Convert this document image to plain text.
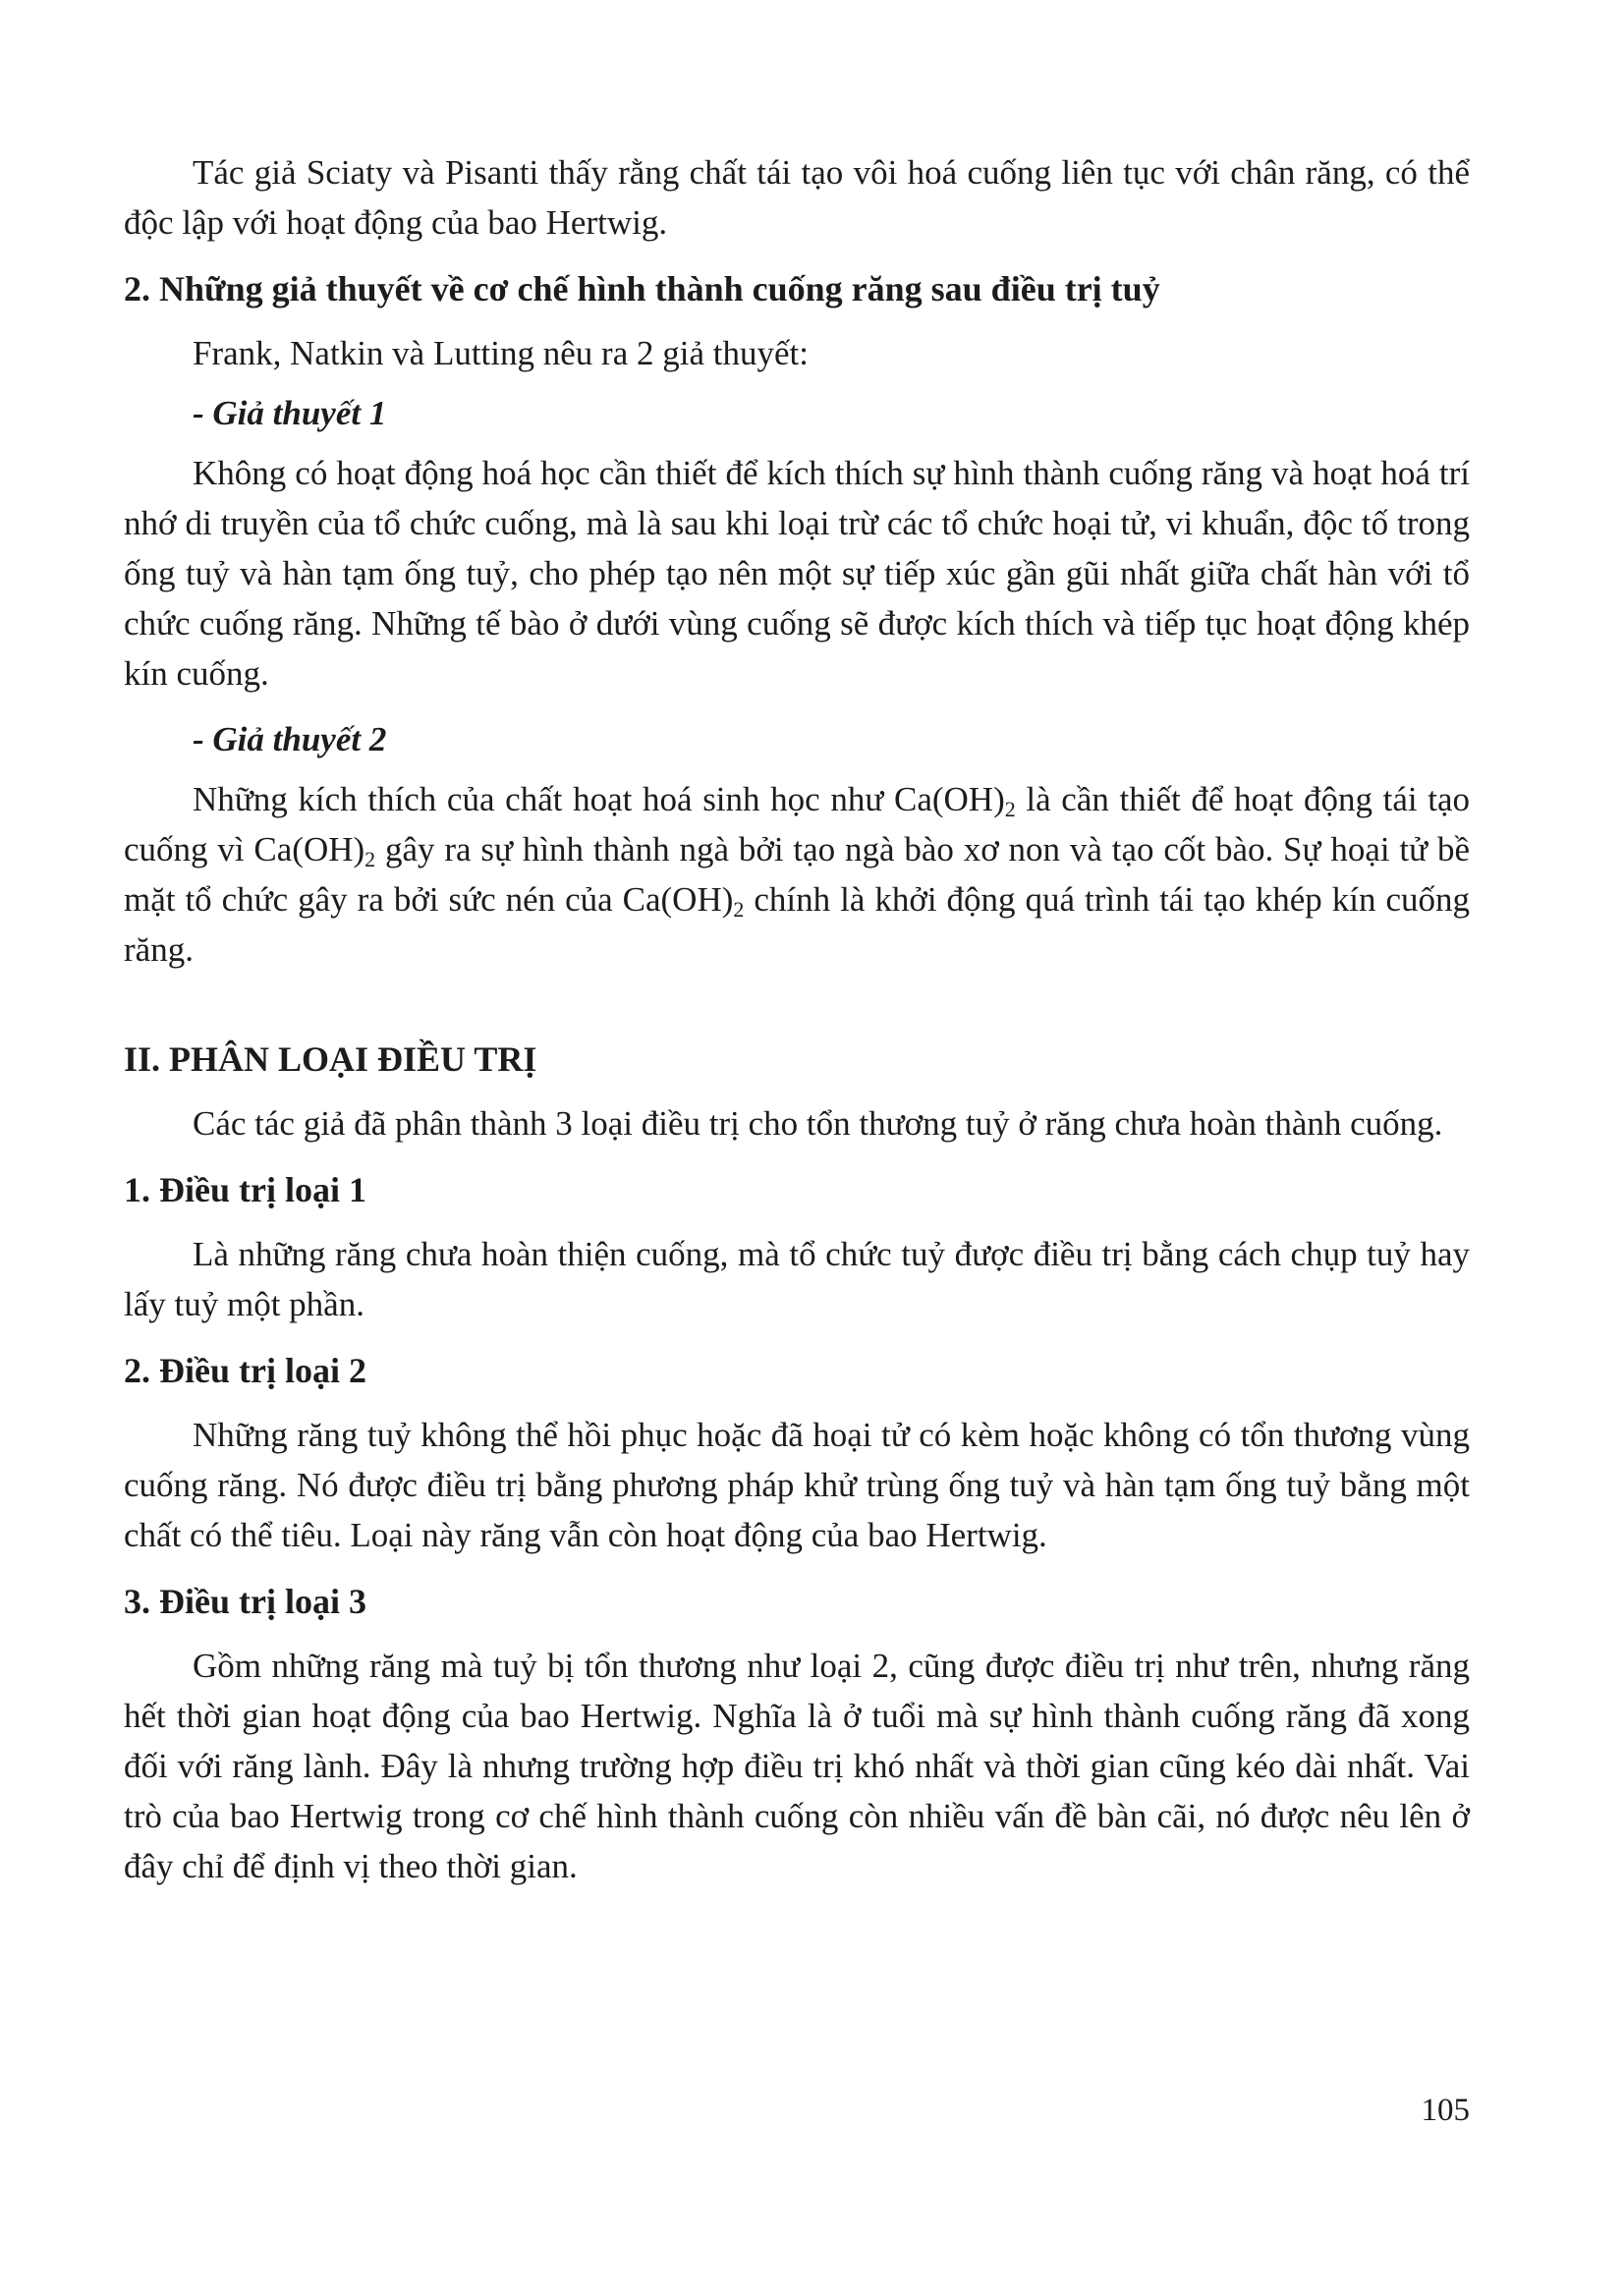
Tác giả Sciaty và Pisanti thấy rằng chất tái tạo vôi hoá cuống liên tục với chân răng, có thể độc lập với hoạt động của bao Hertwig.

2. Những giả thuyết về cơ chế hình thành cuống răng sau điều trị tuỷ

Frank, Natkin và Lutting nêu ra 2 giả thuyết:

- Giả thuyết 1

Không có hoạt động hoá học cần thiết để kích thích sự hình thành cuống răng và hoạt hoá trí nhớ di truyền của tổ chức cuống, mà là sau khi loại trừ các tổ chức hoại tử, vi khuẩn, độc tố trong ống tuỷ và hàn tạm ống tuỷ, cho phép tạo nên một sự tiếp xúc gần gũi nhất giữa chất hàn với tổ chức cuống răng. Những tế bào ở dưới vùng cuống sẽ được kích thích và tiếp tục hoạt động khép kín cuống.

- Giả thuyết 2

Những kích thích của chất hoạt hoá sinh học như $Ca(OH)_2$ là cần thiết để hoạt động tái tạo cuống vì $Ca(OH)_2$ gây ra sự hình thành ngà bởi tạo ngà bào xơ non và tạo cốt bào. Sự hoại tử bề mặt tổ chức gây ra bởi sức nén của $Ca(OH)_2$ chính là khởi động quá trình tái tạo khép kín cuống răng.

II. PHÂN LOẠI ĐIỀU TRỊ

Các tác giả đã phân thành 3 loại điều trị cho tổn thương tuỷ ở răng chưa hoàn thành cuống.

1. Điều trị loại 1

Là những răng chưa hoàn thiện cuống, mà tổ chức tuỷ được điều trị bằng cách chụp tuỷ hay lấy tuỷ một phần.

2. Điều trị loại 2

Những răng tuỷ không thể hồi phục hoặc đã hoại tử có kèm hoặc không có tổn thương vùng cuống răng. Nó được điều trị bằng phương pháp khử trùng ống tuỷ và hàn tạm ống tuỷ bằng một chất có thể tiêu. Loại này răng vẫn còn hoạt động của bao Hertwig.

3. Điều trị loại 3

Gồm những răng mà tuỷ bị tổn thương như loại 2, cũng được điều trị như trên, nhưng răng hết thời gian hoạt động của bao Hertwig. Nghĩa là ở tuổi mà sự hình thành cuống răng đã xong đối với răng lành. Đây là nhưng trường hợp điều trị khó nhất và thời gian cũng kéo dài nhất. Vai trò của bao Hertwig trong cơ chế hình thành cuống còn nhiều vấn đề bàn cãi, nó được nêu lên ở đây chỉ để định vị theo thời gian.

105
